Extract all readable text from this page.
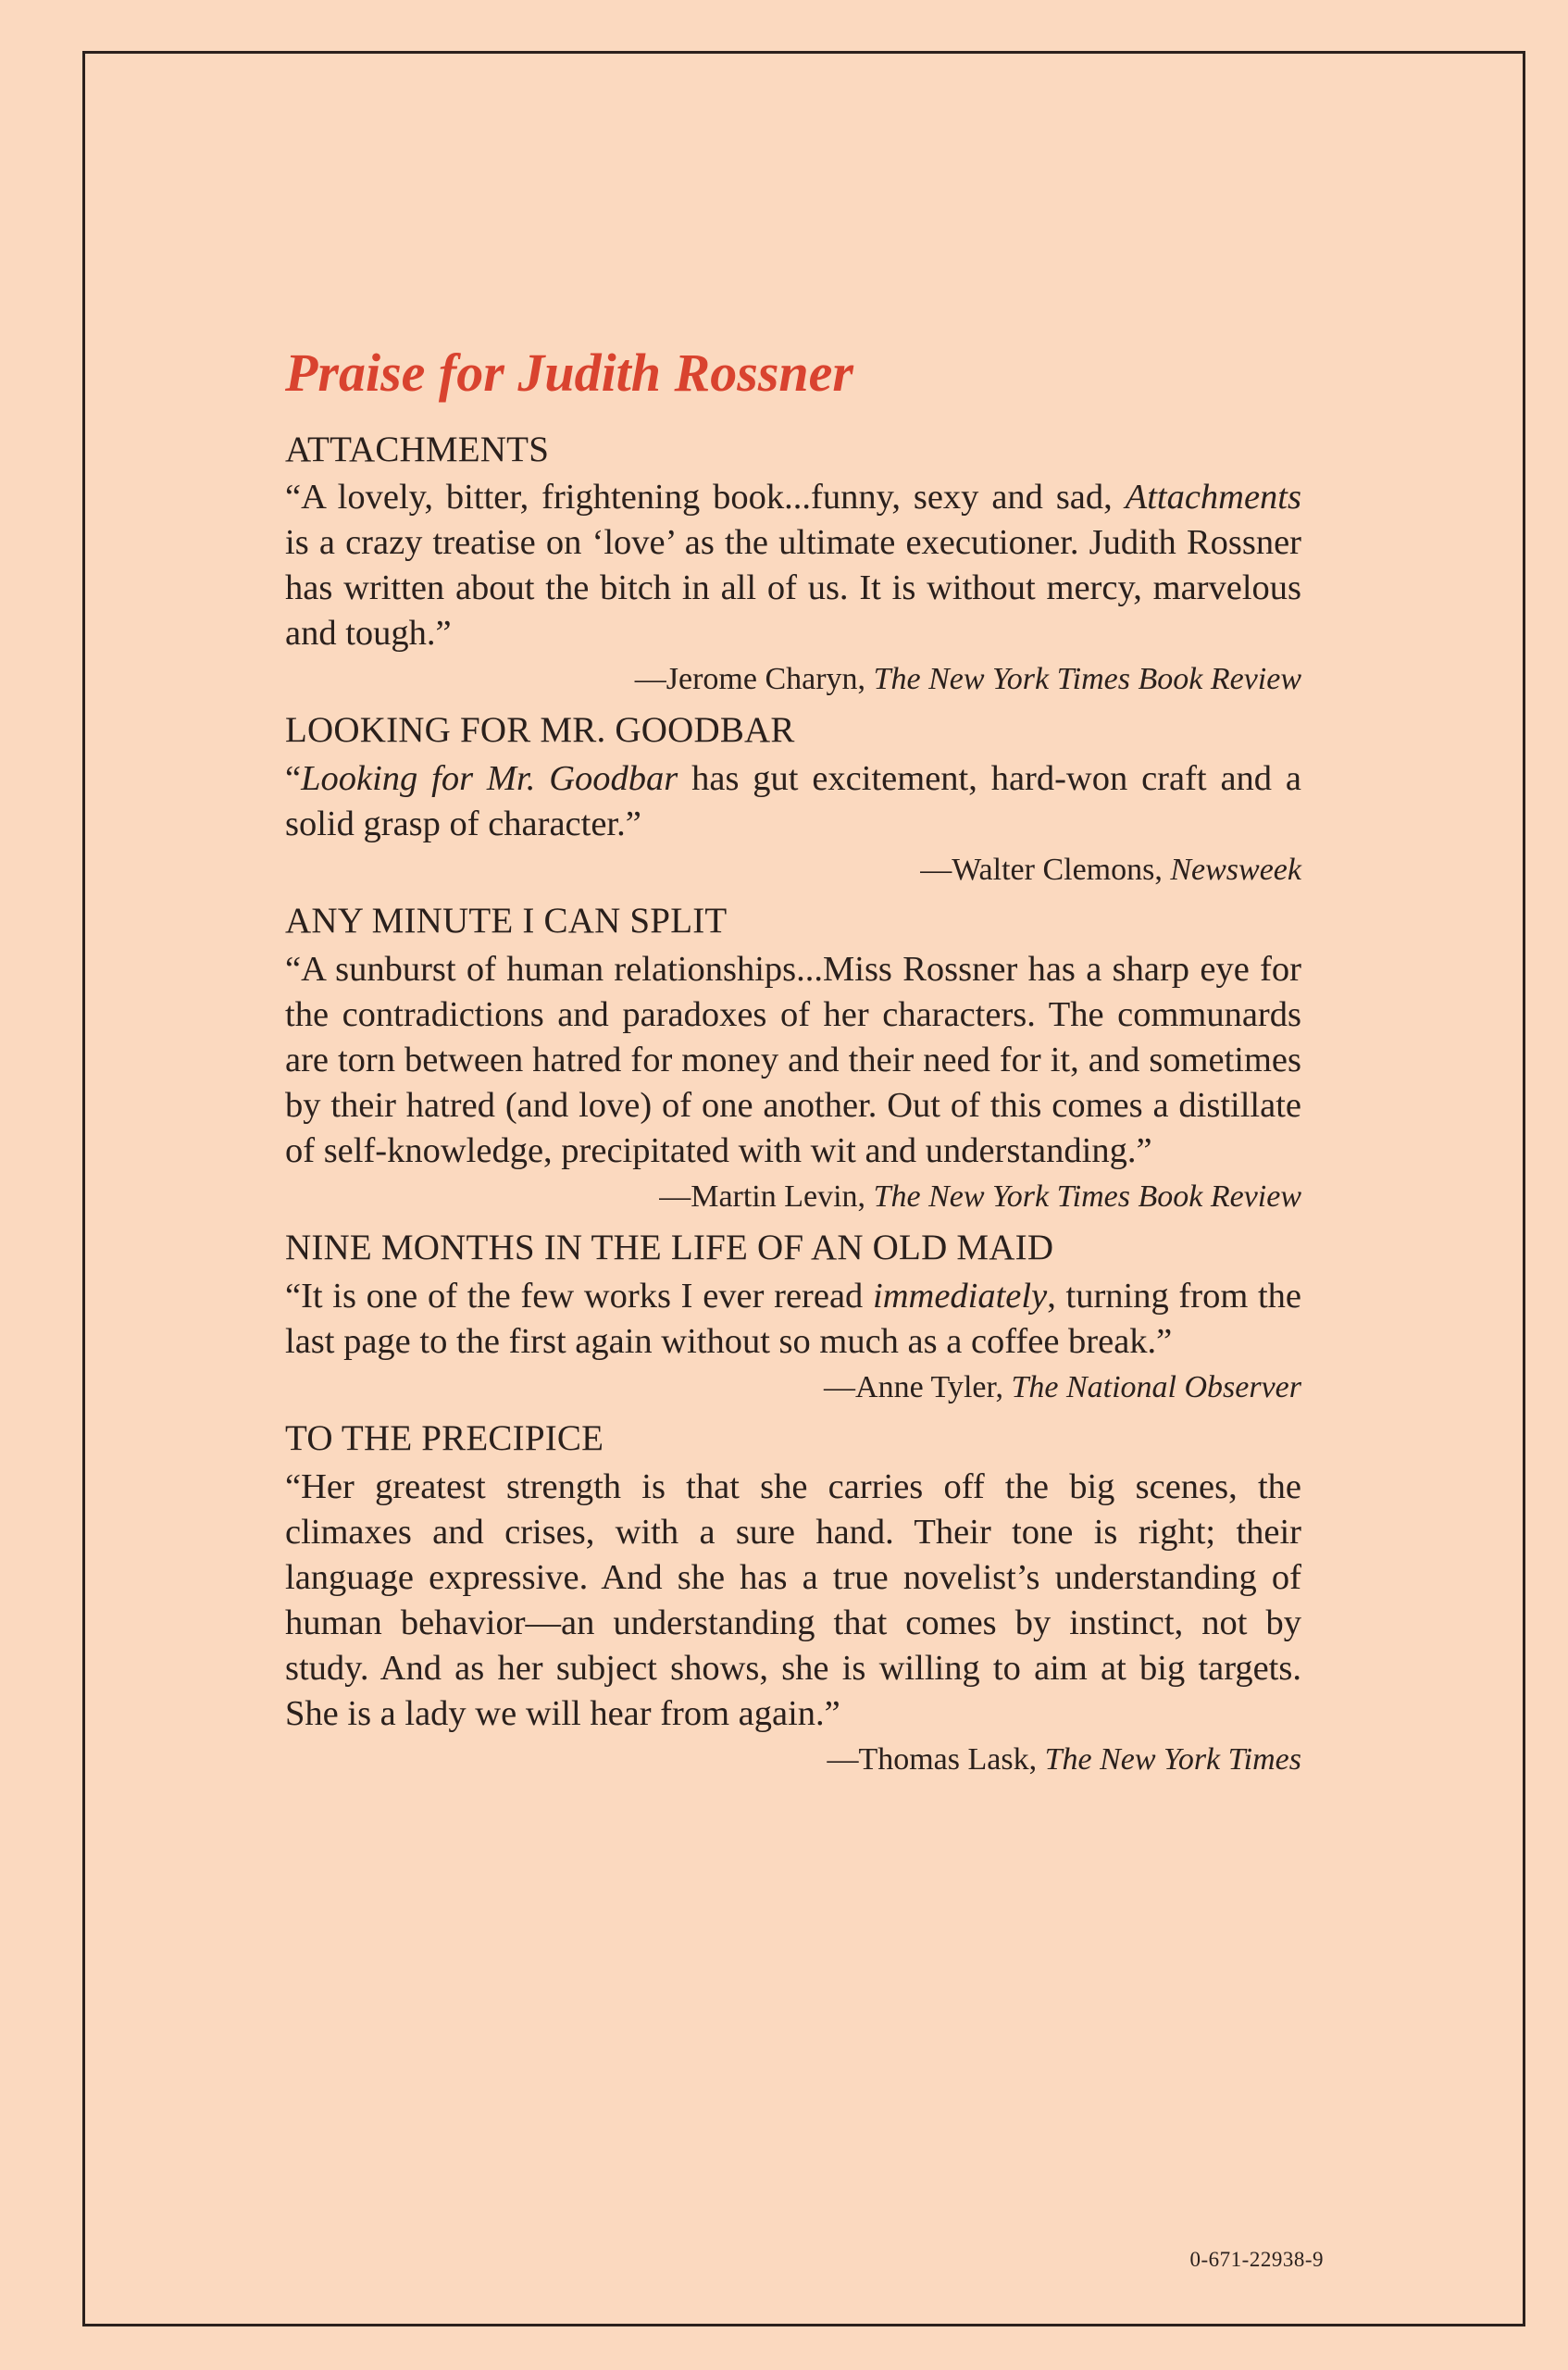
Praise for Judith Rossner
ATTACHMENTS

“A lovely, bitter, frightening book...funny, sexy and sad, Attachments is a crazy treatise on ‘love’ as the ultimate executioner. Judith Rossner has written about the bitch in all of us. It is without mercy, marvelous and tough.”

—Jerome Charyn, The New York Times Book Review
LOOKING FOR MR. GOODBAR

“Looking for Mr. Goodbar has gut excitement, hard-won craft and a solid grasp of character.”

—Walter Clemons, Newsweek
ANY MINUTE I CAN SPLIT

“A sunburst of human relationships...Miss Rossner has a sharp eye for the contradictions and paradoxes of her characters. The communards are torn between hatred for money and their need for it, and sometimes by their hatred (and love) of one another. Out of this comes a distillate of self-knowledge, precipitated with wit and understanding.”

—Martin Levin, The New York Times Book Review
NINE MONTHS IN THE LIFE OF AN OLD MAID

“It is one of the few works I ever reread immediately, turning from the last page to the first again without so much as a coffee break.”

—Anne Tyler, The National Observer
TO THE PRECIPICE

“Her greatest strength is that she carries off the big scenes, the climaxes and crises, with a sure hand. Their tone is right; their language expressive. And she has a true novelist’s understanding of human behavior—an understanding that comes by instinct, not by study. And as her subject shows, she is willing to aim at big targets. She is a lady we will hear from again.”

—Thomas Lask, The New York Times
0-671-22938-9
